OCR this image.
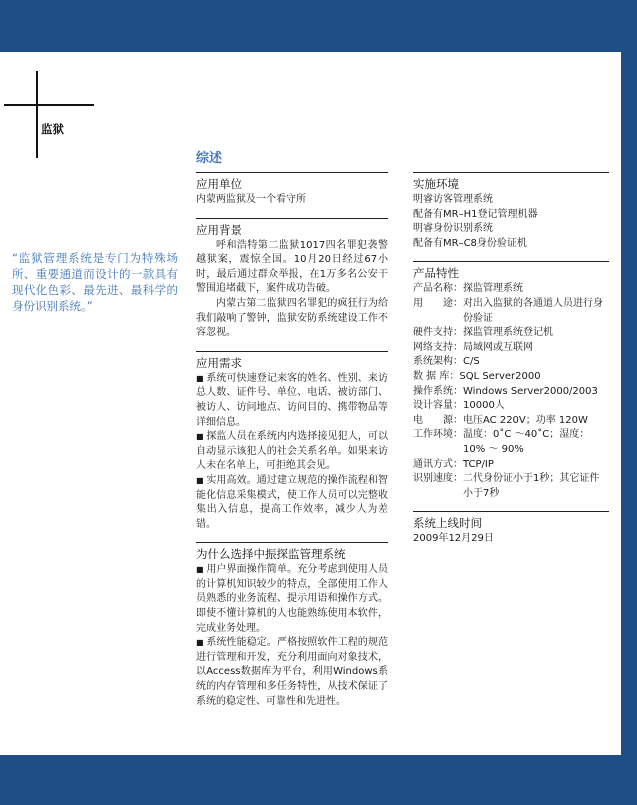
监狱
综述
“监狱管理系统是专门为特殊场所、重要通道而设计的一款具有现代化色彩、最先进、最科学的身份识别系统。”
应用单位

内蒙两监狱及一个看守所

应用背景

呼和浩特第二监狱1017四名罪犯袭警越狱案，震惊全国。10月20日经过67小时，最后通过群众举报，在1万多名公安干警围追堵截下，案件成功告破。

内蒙古第二监狱四名罪犯的疯狂行为给我们敲响了警钟，监狱安防系统建设工作不容忽视。

应用需求

■ 系统可快速登记来客的姓名、性别、来访总人数、证件号、单位、电话、被访部门、被访人、访问地点、访问目的、携带物品等详细信息。

■ 探监人员在系统内内选择接见犯人，可以自动显示该犯人的社会关系名单。如果来访人未在名单上，可拒绝其会见。

■ 实用高效。通过建立规范的操作流程和智能化信息采集模式，使工作人员可以完整收集出入信息，提高工作效率，减少人为差错。

为什么选择中振探监管理系统

■ 用户界面操作简单。充分考虑到使用人员的计算机知识较少的特点，全部使用工作人员熟悉的业务流程、提示用语和操作方式。即使不懂计算机的人也能熟练使用本软件，完成业务处理。

■ 系统性能稳定。严格按照软件工程的规范进行管理和开发，充分利用面向对象技术，以Access数据库为平台，利用Windows系统的内存管理和多任务特性，从技术保证了系统的稳定性、可靠性和先进性。

实施环境

明睿访客管理系统

配备有MR–H1登记管理机器

明睿身份识别系统

配备有MR–C8身份验证机

产品特性
产品名称： 探监管理系统
用　　途： 对出入监狱的各通道人员进行身份验证
硬件支持： 探监管理系统登记机
网络支持： 局域网或互联网
系统架构： C/S
数 据 库： SQL Server2000
操作系统： Windows Server2000/2003
设计容量： 10000人
电　　源： 电压AC 220V；功率 120W
工作环境： 温度：0˚C ～40˚C；湿度：10% ～ 90%
通讯方式： TCP/IP
识别速度： 二代身份证小于1秒；其它证件小于7秒
系统上线时间

2009年12月29日
